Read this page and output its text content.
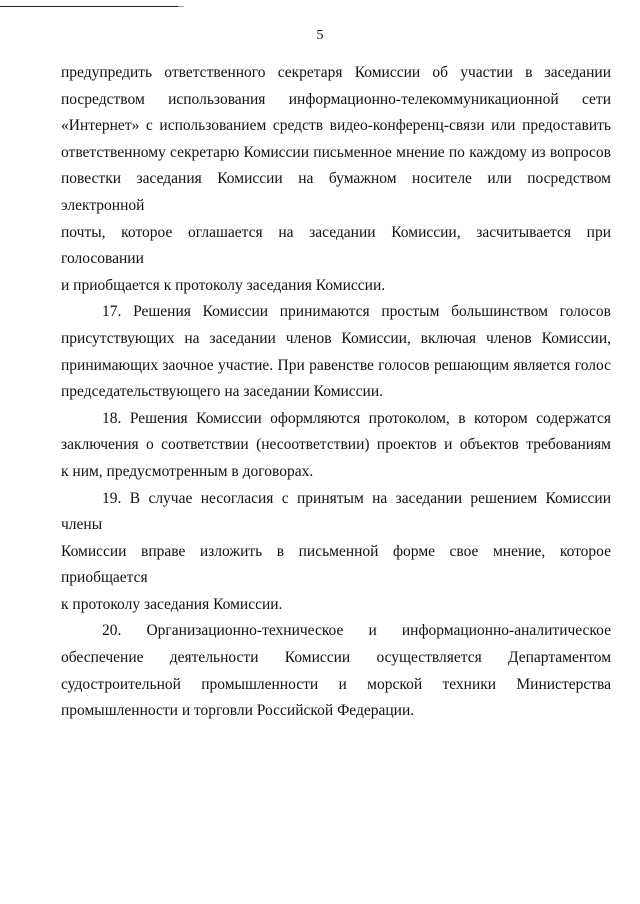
5

предупредить ответственного секретаря Комиссии об участии в заседании
посредством использования информационно-телекоммуникационной сети
«Интернет» с использованием средств видео-конференц-связи или предоставить
ответственному секретарю Комиссии письменное мнение по каждому из вопросов
повестки заседания Комиссии на бумажном носителе или посредством электронной
почты, которое оглашается на заседании Комиссии, засчитывается при голосовании
и приобщается к протоколу заседания Комиссии.

17. Решения Комиссии принимаются простым большинством голосов
присутствующих на заседании членов Комиссии, включая членов Комиссии,
принимающих заочное участие. При равенстве голосов решающим является голос
председательствующего на заседании Комиссии.

18. Решения Комиссии оформляются протоколом, в котором содержатся
заключения о соответствии (несоответствии) проектов и объектов требованиям
к ним, предусмотренным в договорах.

19. В случае несогласия с принятым на заседании решением Комиссии члены
Комиссии вправе изложить в письменной форме свое мнение, которое приобщается
к протоколу заседания Комиссии.

20. Организационно-техническое и информационно-аналитическое
обеспечение деятельности Комиссии осуществляется Департаментом
судостроительной промышленности и морской техники Министерства
промышленности и торговли Российской Федерации.
